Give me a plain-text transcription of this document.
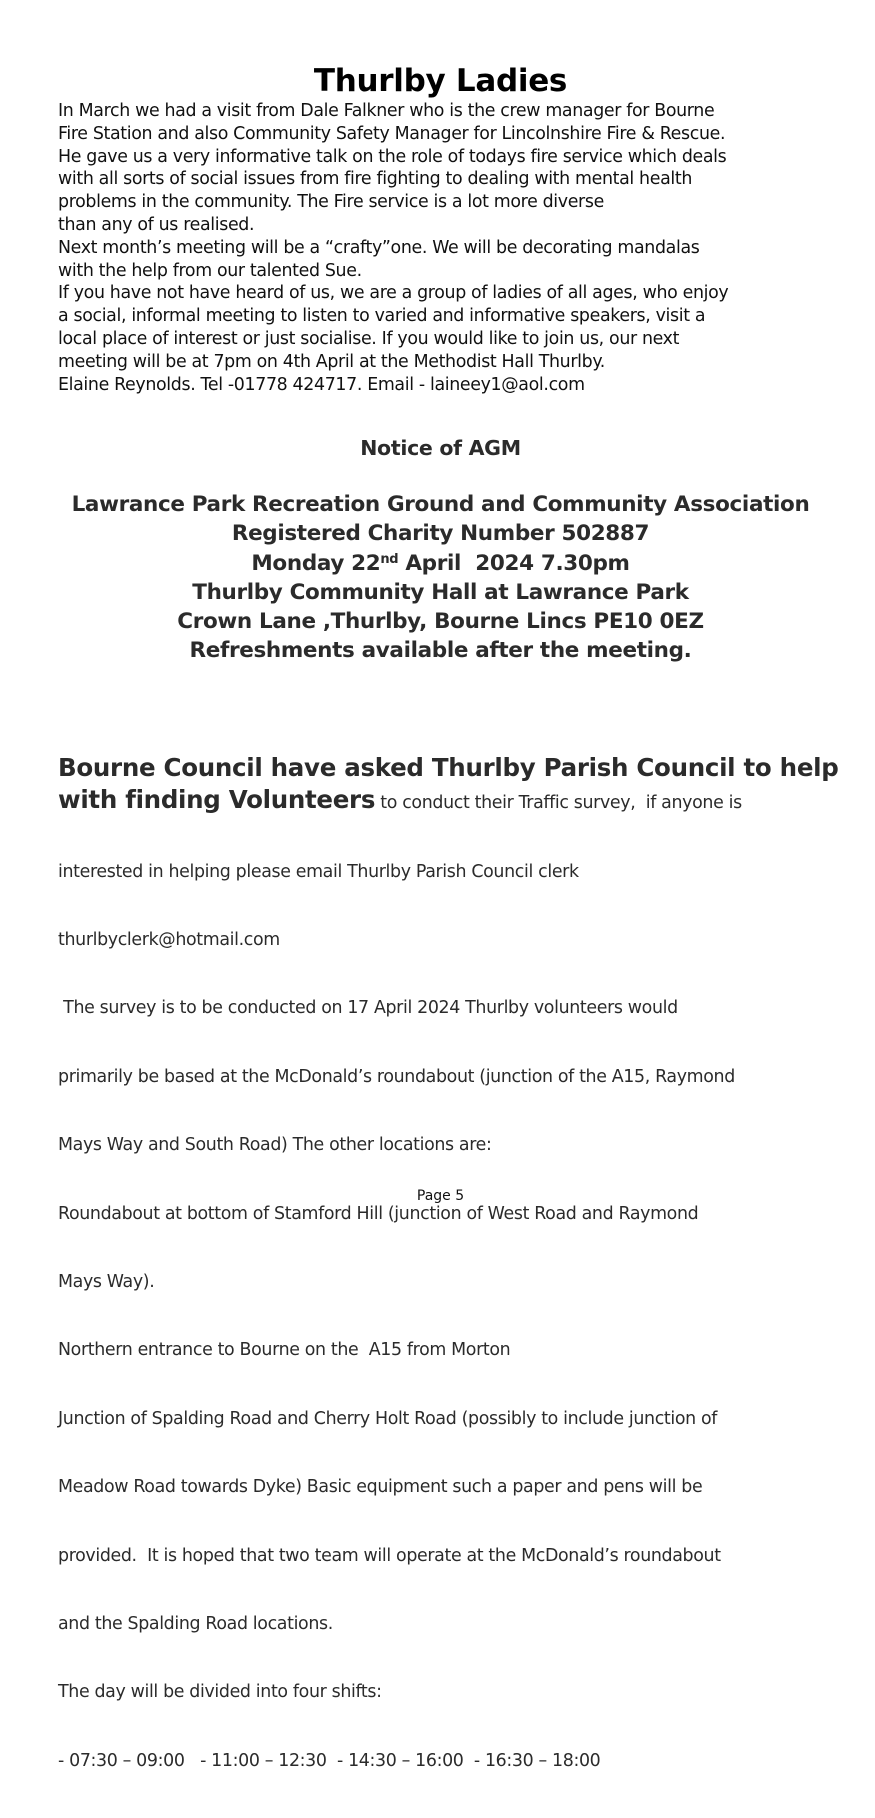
Thurlby Ladies
In March we had a visit from Dale Falkner who is the crew manager for Bourne
Fire Station and also Community Safety Manager for Lincolnshire Fire & Rescue.
He gave us a very informative talk on the role of todays fire service which deals
with all sorts of social issues from fire fighting to dealing with mental health
problems in the community. The Fire service is a lot more diverse
than any of us realised.
Next month’s meeting will be a “crafty”one. We will be decorating mandalas
with the help from our talented Sue.
If you have not have heard of us, we are a group of ladies of all ages, who enjoy
a social, informal meeting to listen to varied and informative speakers, visit a
local place of interest or just socialise. If you would like to join us, our next
meeting will be at 7pm on 4th April at the Methodist Hall Thurlby.
Elaine Reynolds. Tel -01778 424717. Email - laineey1@aol.com
Notice of AGM
Lawrance Park Recreation Ground and Community Association
Registered Charity Number 502887
Monday 22nd April  2024 7.30pm
Thurlby Community Hall at Lawrance Park
Crown Lane ,Thurlby, Bourne Lincs PE10 0EZ
Refreshments available after the meeting.
Bourne Council have asked Thurlby Parish Council to help
with finding Volunteers to conduct their Traffic survey,  if anyone is

interested in helping please email Thurlby Parish Council clerk

thurlbyclerk@hotmail.com

The survey is to be conducted on 17 April 2024 Thurlby volunteers would

primarily be based at the McDonald’s roundabout (junction of the A15, Raymond

Mays Way and South Road) The other locations are:

Roundabout at bottom of Stamford Hill (junction of West Road and Raymond

Mays Way).

Northern entrance to Bourne on the  A15 from Morton

Junction of Spalding Road and Cherry Holt Road (possibly to include junction of

Meadow Road towards Dyke) Basic equipment such a paper and pens will be

provided.  It is hoped that two team will operate at the McDonald’s roundabout

and the Spalding Road locations.

The day will be divided into four shifts:

- 07:30 – 09:00   - 11:00 – 12:30  - 14:30 – 16:00  - 16:30 – 18:00

Page 5
